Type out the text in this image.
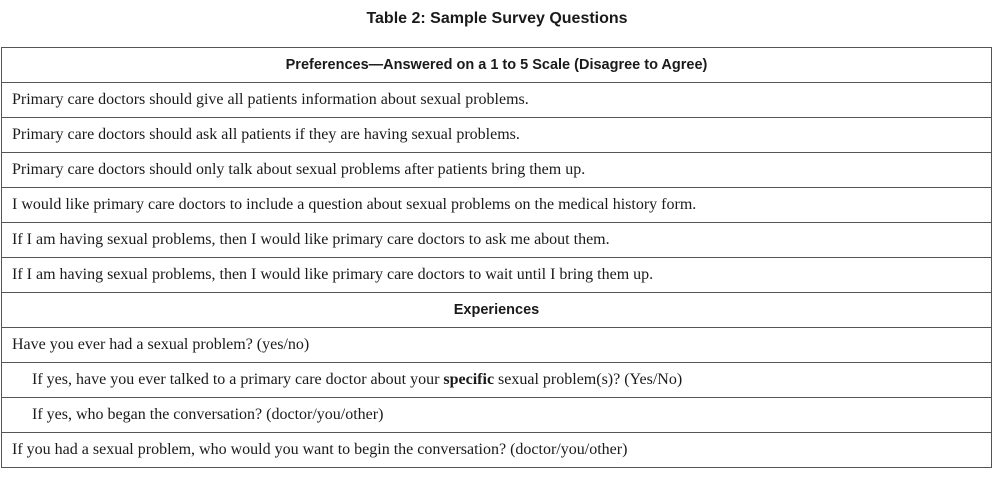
Table 2: Sample Survey Questions
Preferences—Answered on a 1 to 5 Scale (Disagree to Agree)
Primary care doctors should give all patients information about sexual problems.
Primary care doctors should ask all patients if they are having sexual problems.
Primary care doctors should only talk about sexual problems after patients bring them up.
I would like primary care doctors to include a question about sexual problems on the medical history form.
If I am having sexual problems, then I would like primary care doctors to ask me about them.
If I am having sexual problems, then I would like primary care doctors to wait until I bring them up.
Experiences
Have you ever had a sexual problem? (yes/no)
If yes, have you ever talked to a primary care doctor about your specific sexual problem(s)? (Yes/No)
If yes, who began the conversation? (doctor/you/other)
If you had a sexual problem, who would you want to begin the conversation? (doctor/you/other)
